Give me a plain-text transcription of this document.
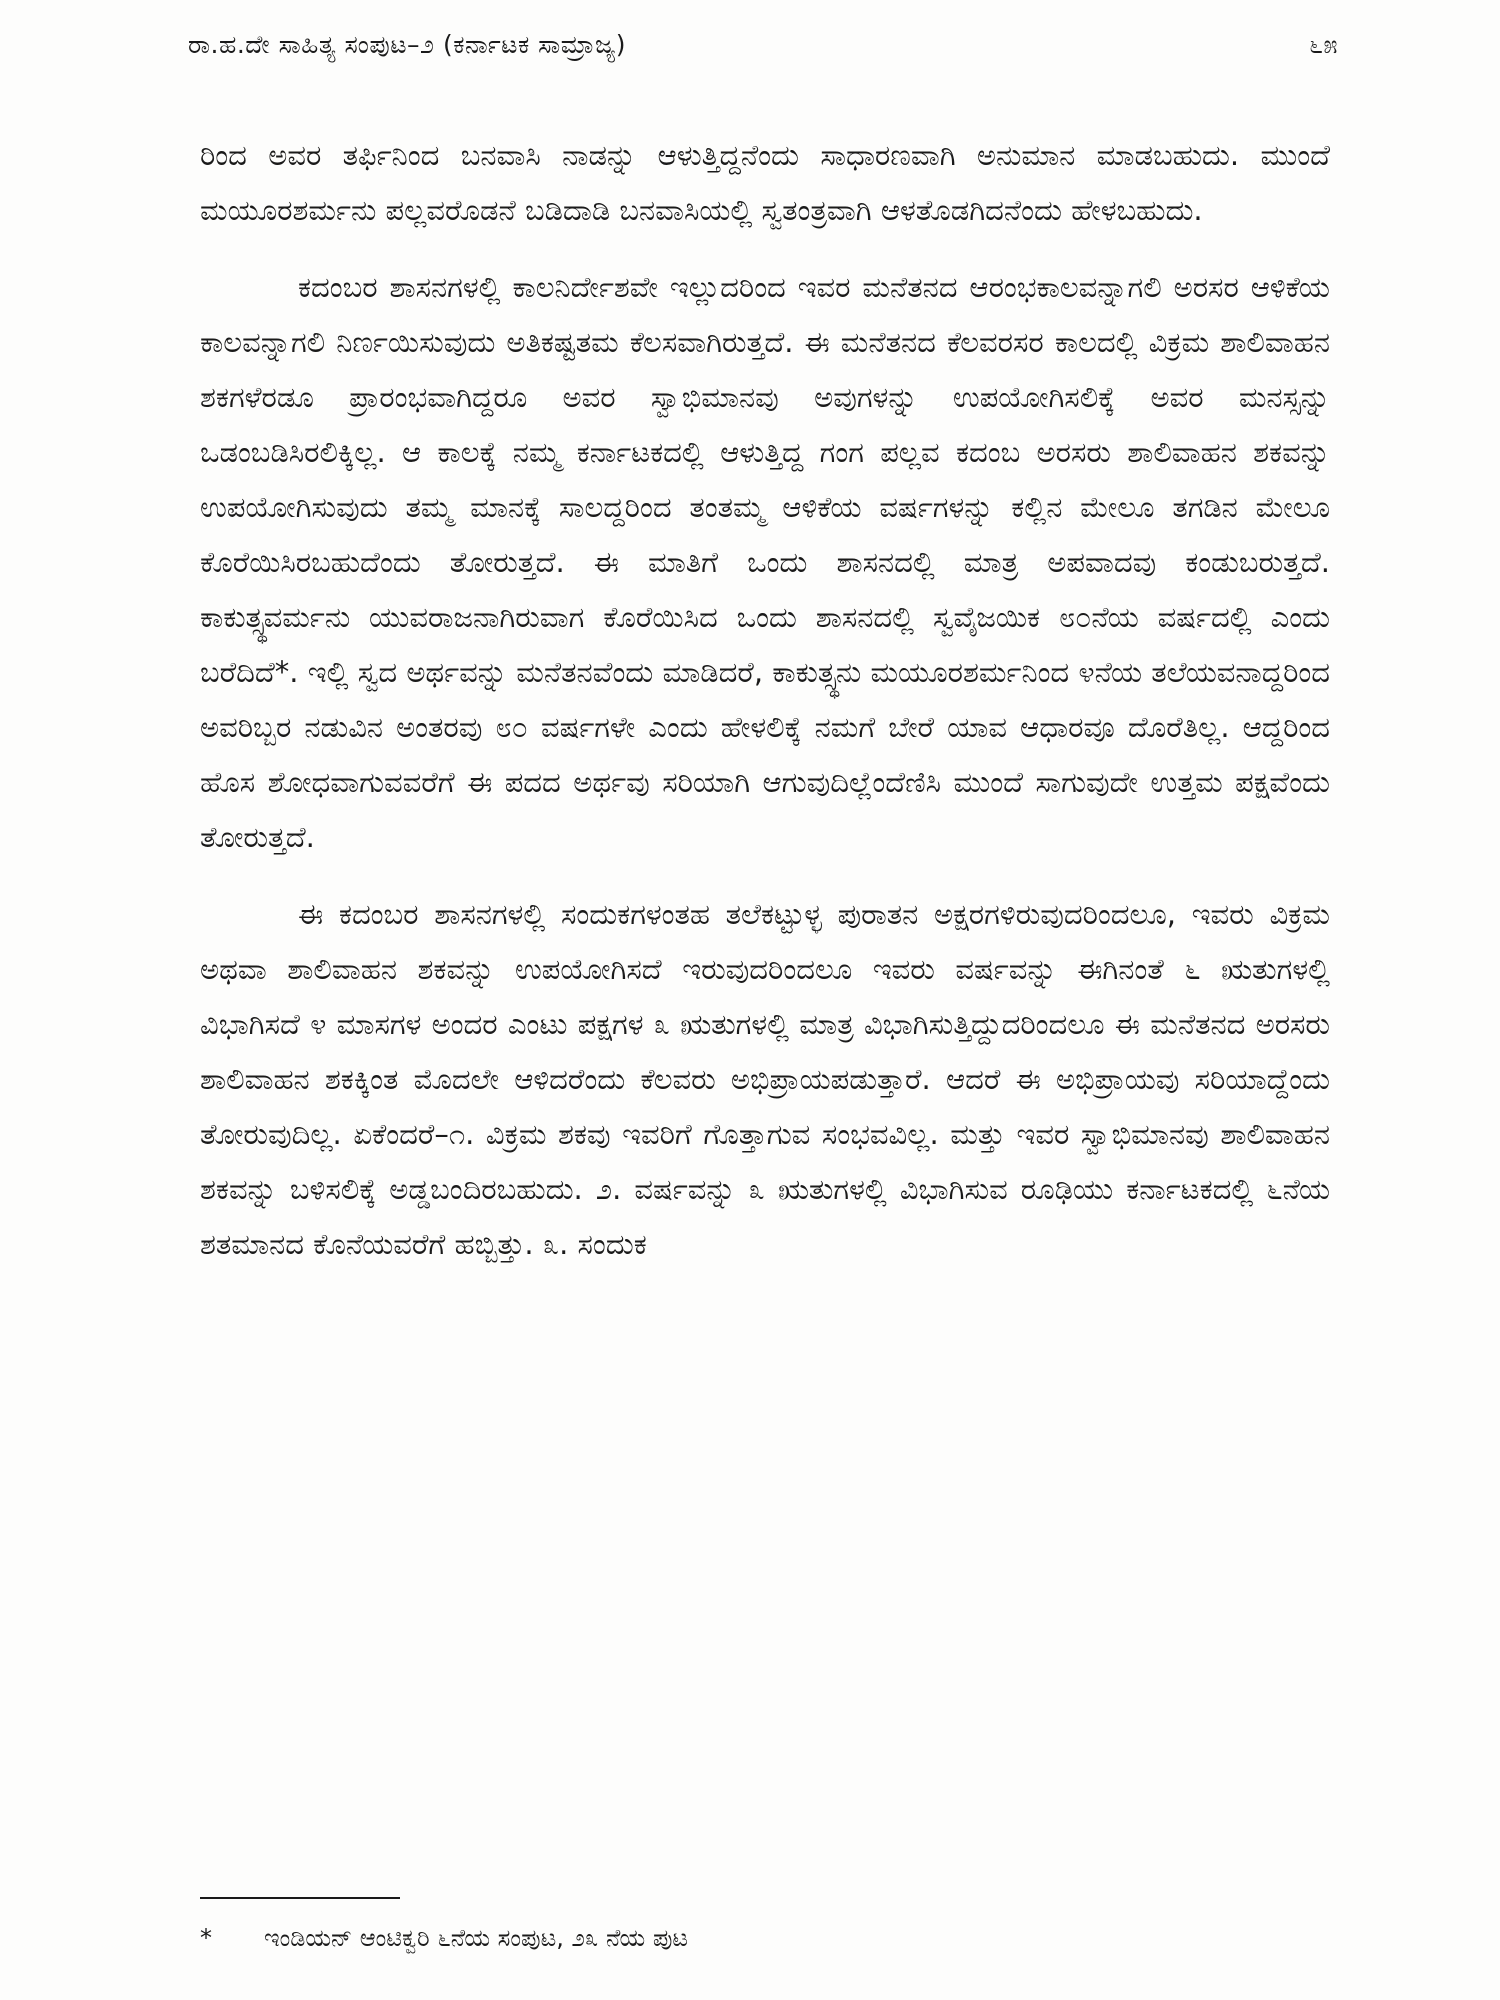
ರಾ.ಹ.ದೇ ಸಾಹಿತ್ಯ ಸಂಪುಟ–೨ (ಕರ್ನಾಟಕ ಸಾಮ್ರಾಜ್ಯ)	೬೫

ರಿಂದ ಅವರ ತರ್ಫಿನಿಂದ ಬನವಾಸಿ ನಾಡನ್ನು ಆಳುತ್ತಿದ್ದನೆಂದು ಸಾಧಾರಣವಾಗಿ ಅನುಮಾನ ಮಾಡಬಹುದು. ಮುಂದೆ ಮಯೂರಶರ್ಮನು ಪಲ್ಲವರೊಡನೆ ಬಡಿದಾಡಿ ಬನವಾಸಿಯಲ್ಲಿ ಸ್ವತಂತ್ರವಾಗಿ ಆಳತೊಡಗಿದನೆಂದು ಹೇಳಬಹುದು.

ಕದಂಬರ ಶಾಸನಗಳಲ್ಲಿ ಕಾಲನಿರ್ದೇಶವೇ ಇಲ್ಲುದರಿಂದ ಇವರ ಮನೆತನದ ಆರಂಭಕಾಲವನ್ನಾಗಲಿ ಅರಸರ ಆಳಿಕೆಯ ಕಾಲವನ್ನಾಗಲಿ ನಿರ್ಣಯಿಸುವುದು ಅತಿಕಷ್ಟತಮ ಕೆಲಸವಾಗಿರುತ್ತದೆ. ಈ ಮನೆತನದ ಕೆಲವರಸರ ಕಾಲದಲ್ಲಿ ವಿಕ್ರಮ ಶಾಲಿವಾಹನ ಶಕಗಳೆರಡೂ ಪ್ರಾರಂಭವಾಗಿದ್ದರೂ ಅವರ ಸ್ವಾಭಿಮಾನವು ಅವುಗಳನ್ನು ಉಪಯೋಗಿಸಲಿಕ್ಕೆ ಅವರ ಮನಸ್ಸನ್ನು ಒಡಂಬಡಿಸಿರಲಿಕ್ಕಿಲ್ಲ. ಆ ಕಾಲಕ್ಕೆ ನಮ್ಮ ಕರ್ನಾಟಕದಲ್ಲಿ ಆಳುತ್ತಿದ್ದ ಗಂಗ ಪಲ್ಲವ ಕದಂಬ ಅರಸರು ಶಾಲಿವಾಹನ ಶಕವನ್ನು ಉಪಯೋಗಿಸುವುದು ತಮ್ಮ ಮಾನಕ್ಕೆ ಸಾಲದ್ದರಿಂದ ತಂತಮ್ಮ ಆಳಿಕೆಯ ವರ್ಷಗಳನ್ನು ಕಲ್ಲಿನ ಮೇಲೂ ತಗಡಿನ ಮೇಲೂ ಕೊರೆಯಿಸಿರಬಹುದೆಂದು ತೋರುತ್ತದೆ. ಈ ಮಾತಿಗೆ ಒಂದು ಶಾಸನದಲ್ಲಿ ಮಾತ್ರ ಅಪವಾದವು ಕಂಡುಬರುತ್ತದೆ. ಕಾಕುತ್ಸ್ಥವರ್ಮನು ಯುವರಾಜನಾಗಿರುವಾಗ ಕೊರೆಯಿಸಿದ ಒಂದು ಶಾಸನದಲ್ಲಿ ಸ್ವವೈಜಯಿಕ ೮೦ನೆಯ ವರ್ಷದಲ್ಲಿ ಎಂದು ಬರೆದಿದೆ*. ಇಲ್ಲಿ ಸ್ವದ ಅರ್ಥವನ್ನು ಮನೆತನವೆಂದು ಮಾಡಿದರೆ, ಕಾಕುತ್ಸ್ಥನು ಮಯೂರಶರ್ಮನಿಂದ ೪ನೆಯ ತಲೆಯವನಾದ್ದರಿಂದ ಅವರಿಬ್ಬರ ನಡುವಿನ ಅಂತರವು ೮೦ ವರ್ಷಗಳೇ ಎಂದು ಹೇಳಲಿಕ್ಕೆ ನಮಗೆ ಬೇರೆ ಯಾವ ಆಧಾರವೂ ದೊರೆತಿಲ್ಲ. ಆದ್ದರಿಂದ ಹೊಸ ಶೋಧವಾಗುವವರೆಗೆ ಈ ಪದದ ಅರ್ಥವು ಸರಿಯಾಗಿ ಆಗುವುದಿಲ್ಲೆಂದೆಣಿಸಿ ಮುಂದೆ ಸಾಗುವುದೇ ಉತ್ತಮ ಪಕ್ಷವೆಂದು ತೋರುತ್ತದೆ.

ಈ ಕದಂಬರ ಶಾಸನಗಳಲ್ಲಿ ಸಂದುಕಗಳಂತಹ ತಲೆಕಟ್ಟುಳ್ಳ ಪುರಾತನ ಅಕ್ಷರಗಳಿರುವುದರಿಂದಲೂ, ಇವರು ವಿಕ್ರಮ ಅಥವಾ ಶಾಲಿವಾಹನ ಶಕವನ್ನು ಉಪಯೋಗಿಸದೆ ಇರುವುದರಿಂದಲೂ ಇವರು ವರ್ಷವನ್ನು ಈಗಿನಂತೆ ೬ ಋತುಗಳಲ್ಲಿ ವಿಭಾಗಿಸದೆ ೪ ಮಾಸಗಳ ಅಂದರ ಎಂಟು ಪಕ್ಷಗಳ ೩ ಋತುಗಳಲ್ಲಿ ಮಾತ್ರ ವಿಭಾಗಿಸುತ್ತಿದ್ದುದರಿಂದಲೂ ಈ ಮನೆತನದ ಅರಸರು ಶಾಲಿವಾಹನ ಶಕಕ್ಕಿಂತ ಮೊದಲೇ ಆಳಿದರೆಂದು ಕೆಲವರು ಅಭಿಪ್ರಾಯಪಡುತ್ತಾರೆ. ಆದರೆ ಈ ಅಭಿಪ್ರಾಯವು ಸರಿಯಾದ್ದೆಂದು ತೋರುವುದಿಲ್ಲ. ಏಕೆಂದರೆ–೧. ವಿಕ್ರಮ ಶಕವು ಇವರಿಗೆ ಗೊತ್ತಾಗುವ ಸಂಭವವಿಲ್ಲ. ಮತ್ತು ಇವರ ಸ್ವಾಭಿಮಾನವು ಶಾಲಿವಾಹನ ಶಕವನ್ನು ಬಳಿಸಲಿಕ್ಕೆ ಅಡ್ಡಬಂದಿರಬಹುದು. ೨. ವರ್ಷವನ್ನು ೩ ಋತುಗಳಲ್ಲಿ ವಿಭಾಗಿಸುವ ರೂಢಿಯು ಕರ್ನಾಟಕದಲ್ಲಿ ೬ನೆಯ ಶತಮಾನದ ಕೊನೆಯವರೆಗೆ ಹಬ್ಬಿತ್ತು. ೩. ಸಂದುಕ

* ಇಂಡಿಯನ್ ಆಂಟಿಕ್ವರಿ ೬ನೆಯ ಸಂಪುಟ, ೨೩ ನೆಯ ಪುಟ
